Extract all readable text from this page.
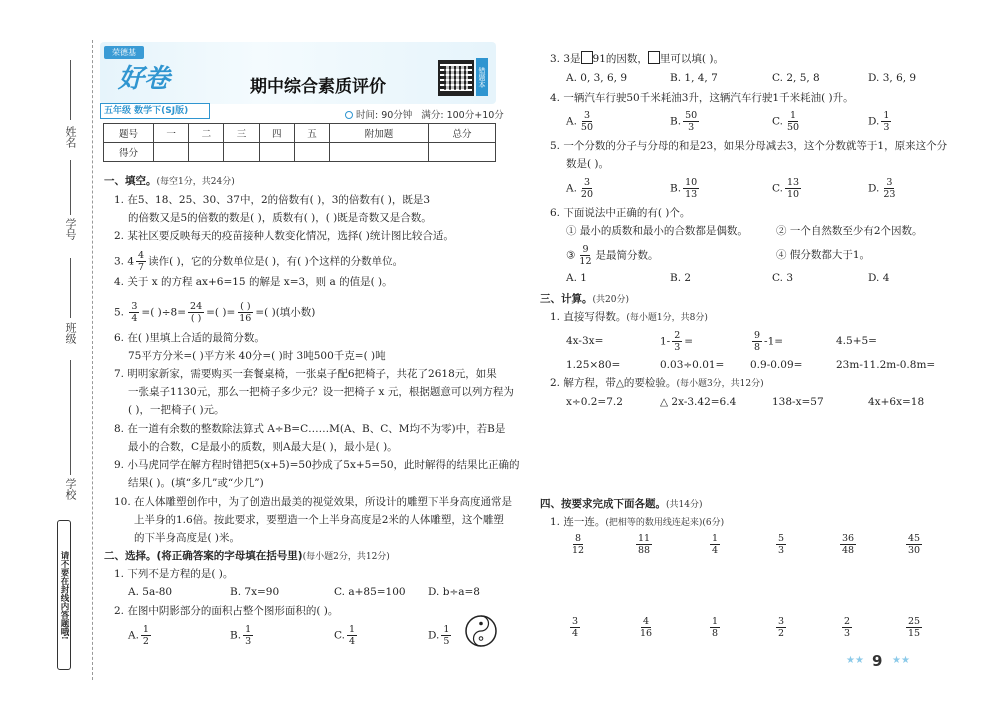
姓名
学号
班级
学校
请不要在封线内答题哦!
荣德基
好卷
五年级 数学下(SJ版)
期中综合素质评价	错题本
时间: 90分钟 满分: 100分+10分
题号	一	二	三	四	五	附加题	总分
得分							
一、填空。(每空1分，共24分)
1. 在5、18、25、30、37中，2的倍数有( )，3的倍数有( )，既是3
的倍数又是5的倍数的数是( )，质数有( )，( )既是奇数又是合数。
2. 某社区要反映每天的疫苗接种人数变化情况，选择( )统计图比较合适。
3. $4 \frac{4}{7}$ 读作( )，它的分数单位是( )，有( )个这样的分数单位。
4. 关于 x 的方程 ax+6=15 的解是 x=3，则 a 的值是( )。
5. $\frac{3}{4}$ =( )$\div 8= \frac{24}{( )}$ =( )= $\frac{( )}{16}$ =( )(填小数)
6. 在( )里填上合适的最简分数。
75平方分米=( )平方米 40分=( )时 3吨500千克=( )吨
7. 明明家新家，需要购买一套餐桌椅，一张桌子配6把椅子，共花了2618元，如果
一张桌子1130元，那么一把椅子多少元？设一把椅子 x 元，根据题意可以列方程为
( )，一把椅子( )元。
8. 在一道有余数的整数除法算式 A÷B=C……M(A、B、C、M均不为零)中，若B是
最小的合数，C是最小的质数，则A最大是( )，最小是( )。
9. 小马虎同学在解方程时错把5(x+5)=50抄成了5x+5=50，此时解得的结果比正确的
结果( )。(填“多几”或“少几”)
10. 在人体雕塑创作中，为了创造出最美的视觉效果，所设计的雕塑下半身高度通常是
上半身的1.6倍。按此要求，要塑造一个上半身高度是2米的人体雕塑，这个雕塑
的下半身高度是( )米。
二、选择。(将正确答案的字母填在括号里)(每小题2分，共12分)
1. 下列不是方程的是( )。
A. 5a-80	B. 7x=90	C. a+85=100 D. b÷a=8
2. 在图中阴影部分的面积占整个图形面积的( )。
A. $\frac{1}{2}$	B. $\frac{1}{3}$	C. $\frac{1}{4}$	D. $\frac{1}{5}$
3. 3是 91的因数， 里可以填( )。
A. 0, 3, 6, 9	B. 1, 4, 7	C. 2, 5, 8	D. 3, 6, 9
4. 一辆汽车行驶50千米耗油3升，这辆汽车行驶1千米耗油( )升。
A. $\frac{3}{50}$	B. $\frac{50}{3}$	C. $\frac{1}{50}$	D. $\frac{1}{3}$
5. 一个分数的分子与分母的和是23，如果分母减去3，这个分数就等于1，原来这个分
数是( )。
A. $\frac{3}{20}$	B. $\frac{10}{13}$	C. $\frac{13}{10}$	D. $\frac{3}{23}$
6. 下面说法中正确的有( )个。
① 最小的质数和最小的合数都是偶数。	② 一个自然数至少有2个因数。
③ $\frac{9}{12}$ 是最简分数。	④ 假分数都大于1。
A. 1	B. 2	C. 3	D. 4
三、计算。(共20分)
1. 直接写得数。(每小题1分，共8分)
4x-3x=	$1- \frac{2}{3}$ =	$\frac{9}{8} -1=$	4.5+5=
1.25×80=	0.03÷0.01= 0.9-0.09=	23m-11.2m-0.8m=
2. 解方程，带△的要检验。(每小题3分，共12分)
x÷0.2=7.2	△ 2x-3.42=6.4	138-x=57	4x+6x=18
四、按要求完成下面各题。(共14分)
1. 连一连。(把相等的数用线连起来)(6分)
$\frac{8}{12}$	$\frac{11}{88}$	$\frac{1}{4}$	$\frac{5}{3}$	$\frac{36}{48}$	$\frac{45}{30}$
$\frac{3}{4}$	$\frac{4}{16}$	$\frac{1}{8}$	$\frac{3}{2}$	$\frac{2}{3}$	$\frac{25}{15}$
★★ 9 ★★
